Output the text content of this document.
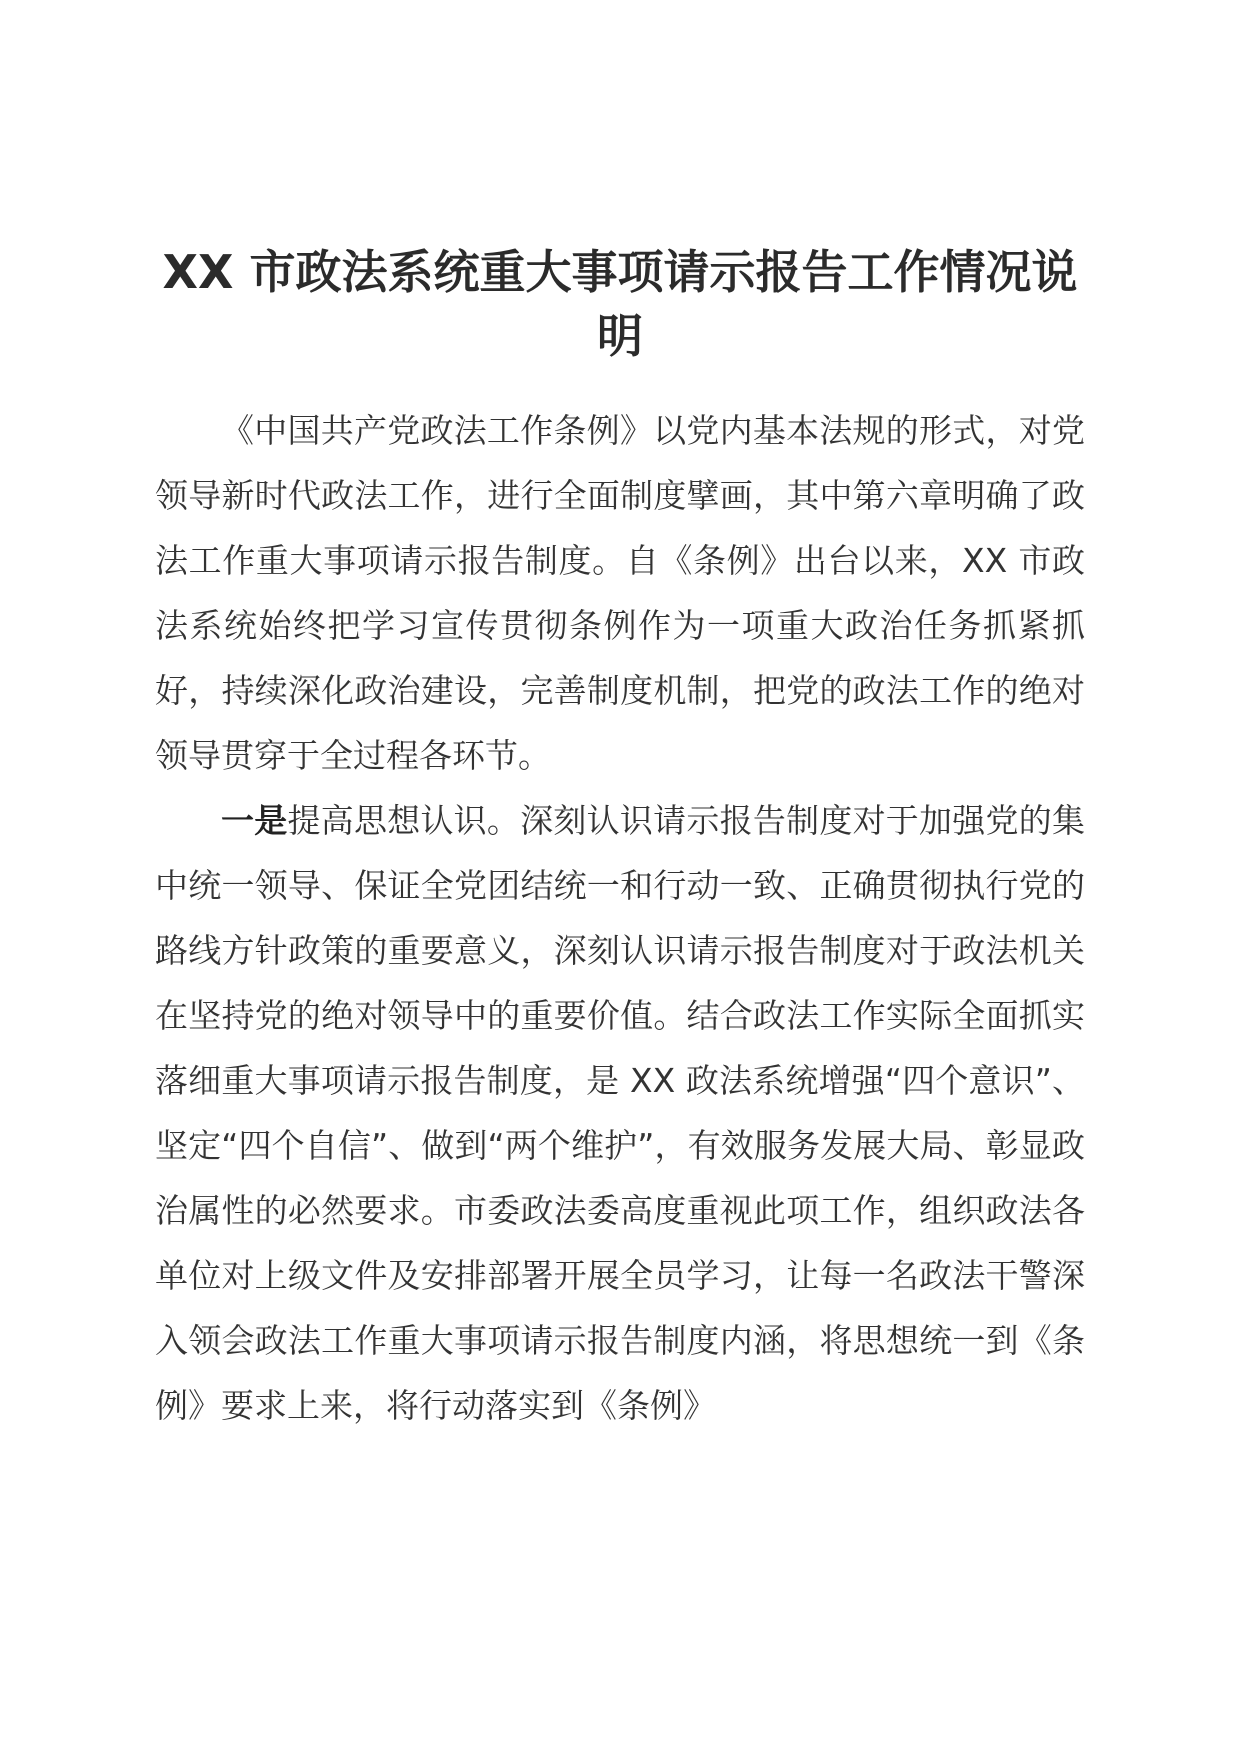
XX 市政法系统重大事项请示报告工作情况说明

《中国共产党政法工作条例》以党内基本法规的形式，对党领导新时代政法工作，进行全面制度擘画，其中第六章明确了政法工作重大事项请示报告制度。自《条例》出台以来，XX 市政法系统始终把学习宣传贯彻条例作为一项重大政治任务抓紧抓好，持续深化政治建设，完善制度机制，把党的政法工作的绝对领导贯穿于全过程各环节。

一是提高思想认识。深刻认识请示报告制度对于加强党的集中统一领导、保证全党团结统一和行动一致、正确贯彻执行党的路线方针政策的重要意义，深刻认识请示报告制度对于政法机关在坚持党的绝对领导中的重要价值。结合政法工作实际全面抓实落细重大事项请示报告制度，是 XX 政法系统增强“四个意识”、坚定“四个自信”、做到“两个维护”，有效服务发展大局、彰显政治属性的必然要求。市委政法委高度重视此项工作，组织政法各单位对上级文件及安排部署开展全员学习，让每一名政法干警深入领会政法工作重大事项请示报告制度内涵，将思想统一到《条例》要求上来，将行动落实到《条例》
